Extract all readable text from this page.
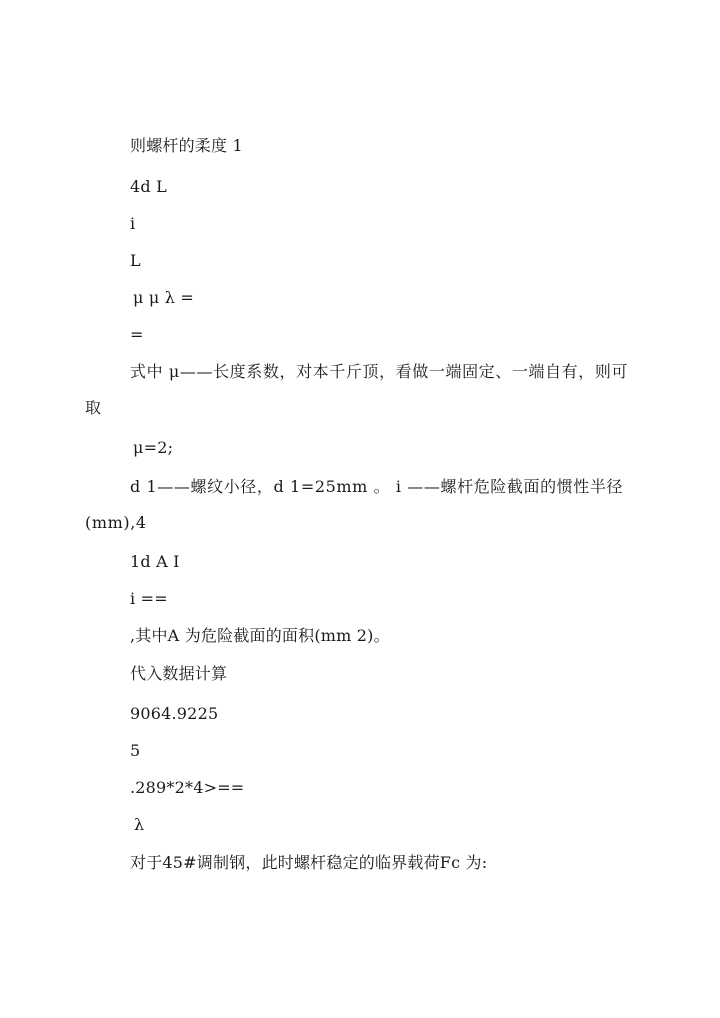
则螺杆的柔度 1

4d L

i

L

μ μ λ =

=

式中 μ——长度系数，对本千斤顶，看做一端固定、一端自有，则可取

μ=2;

d 1——螺纹小径，d 1=25mm 。 i ——螺杆危险截面的惯性半径(mm),4

1d A I

i ==

,其中A 为危险截面的面积(mm 2)。

代入数据计算

9064.9225

5

.289*2*4>==

λ

对于45#调制钢，此时螺杆稳定的临界载荷Fc 为:
